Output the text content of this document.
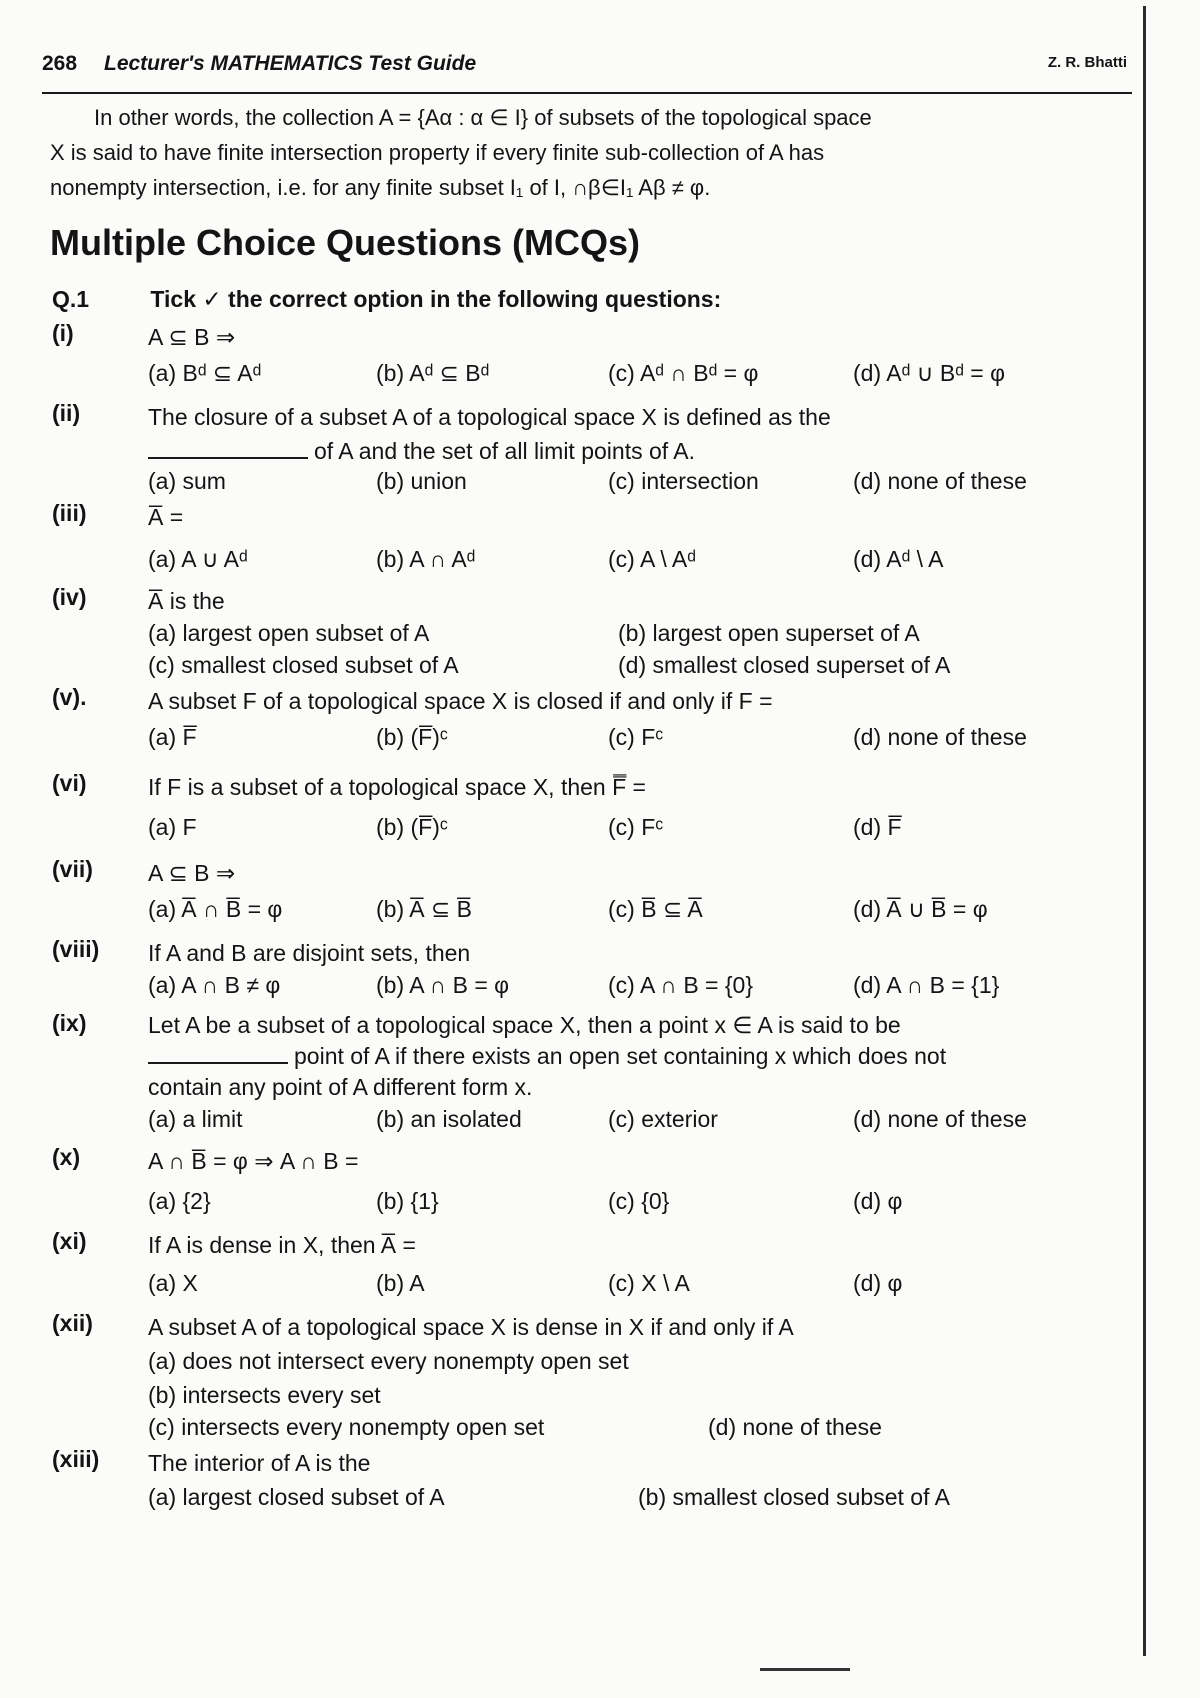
268 Lecturer's MATHEMATICS Test Guide	Z. R. Bhatti
In other words, the collection A = {Aα : α ∈ I} of subsets of the topological space
X is said to have finite intersection property if every finite sub-collection of A has
nonempty intersection, i.e. for any finite subset I₁ of I, ∩β∈I₁ Aβ ≠ φ.
Multiple Choice Questions (MCQs)
Q.1	Tick ✓ the correct option in the following questions:
(i)	A ⊆ B ⇒
(a) Bᵈ ⊆ Aᵈ	(b) Aᵈ ⊆ Bᵈ	(c) Aᵈ ∩ Bᵈ = φ	(d) Aᵈ ∪ Bᵈ = φ
(ii)	The closure of a subset A of a topological space X is defined as the
of A and the set of all limit points of A.
(a) sum	(b) union	(c) intersection	(d) none of these
(iii)	A̅ =
(a) A ∪ Aᵈ	(b) A ∩ Aᵈ	(c) A \ Aᵈ	(d) Aᵈ \ A
(iv)	A̅ is the
(a) largest open subset of A	(b) largest open superset of A
(c) smallest closed subset of A	(d) smallest closed superset of A
(v).	A subset F of a topological space X is closed if and only if F =
(a) F̅	(b) (F̅)ᶜ	(c) Fᶜ	(d) none of these
(vi)	If F is a subset of a topological space X, then F̿ =
(a) F	(b) (F̅)ᶜ	(c) Fᶜ	(d) F̅
(vii) A ⊆ B ⇒
(a) A̅ ∩ B̅ = φ	(b) A̅ ⊆ B̅	(c) B̅ ⊆ A̅	(d) A̅ ∪ B̅ = φ
(viii) If A and B are disjoint sets, then
(a) A ∩ B ≠ φ	(b) A ∩ B = φ	(c) A ∩ B = {0}	(d) A ∩ B = {1}
(ix)	Let A be a subset of a topological space X, then a point x ∈ A is said to be
point of A if there exists an open set containing x which does not
contain any point of A different form x.
(a) a limit	(b) an isolated	(c) exterior	(d) none of these
(x)	A ∩ B̅ = φ ⇒ A ∩ B =
(a) {2}	(b) {1}	(c) {0}	(d) φ
(xi)	If A is dense in X, then A̅ =
(a) X	(b) A	(c) X \ A	(d) φ
(xii) A subset A of a topological space X is dense in X if and only if A
(a) does not intersect every nonempty open set
(b) intersects every set
(c) intersects every nonempty open set	(d) none of these
(xiii) The interior of A is the
(a) largest closed subset of A	(b) smallest closed subset of A
